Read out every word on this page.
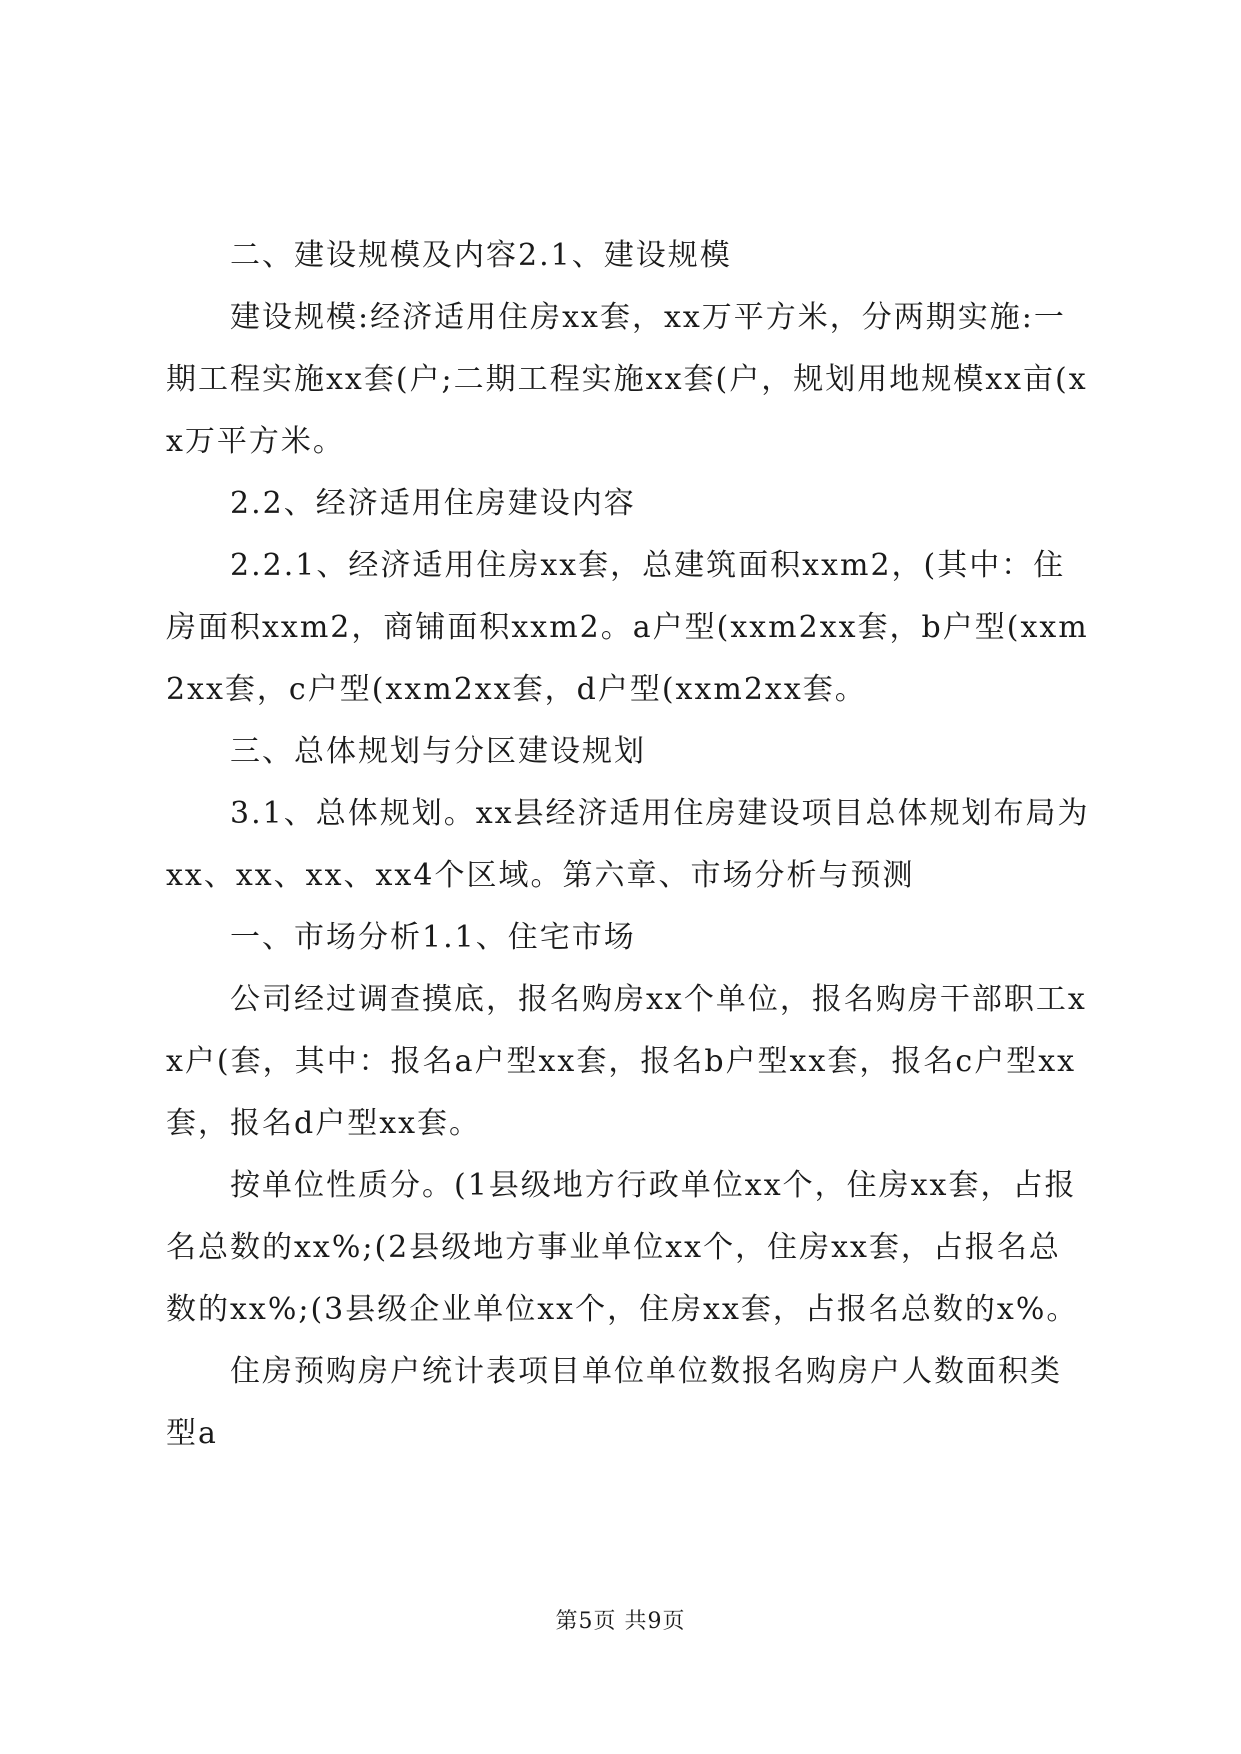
二、建设规模及内容2.1、建设规模

建设规模:经济适用住房xx套，xx万平方米，分两期实施:一期工程实施xx套(户;二期工程实施xx套(户，规划用地规模xx亩(xx万平方米。

2.2、经济适用住房建设内容

2.2.1、经济适用住房xx套，总建筑面积xxm2，(其中：住房面积xxm2，商铺面积xxm2。a户型(xxm2xx套，b户型(xxm2xx套，c户型(xxm2xx套，d户型(xxm2xx套。

三、总体规划与分区建设规划

3.1、总体规划。xx县经济适用住房建设项目总体规划布局为xx、xx、xx、xx4个区域。第六章、市场分析与预测

一、市场分析1.1、住宅市场

公司经过调查摸底，报名购房xx个单位，报名购房干部职工xx户(套，其中：报名a户型xx套，报名b户型xx套，报名c户型xx套，报名d户型xx套。

按单位性质分。(1县级地方行政单位xx个，住房xx套，占报名总数的xx%;(2县级地方事业单位xx个，住房xx套，占报名总数的xx%;(3县级企业单位xx个，住房xx套，占报名总数的x%。

住房预购房户统计表项目单位单位数报名购房户人数面积类型a

第5页 共9页
